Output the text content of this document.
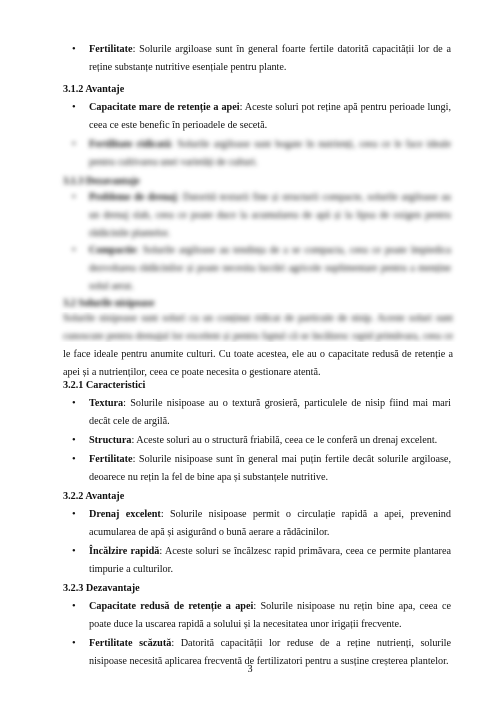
• Fertilitate: Solurile argiloase sunt în general foarte fertile datorită capacității lor de a reține substanțe nutritive esențiale pentru plante.
3.1.2 Avantaje
• Capacitate mare de retenție a apei: Aceste soluri pot reține apă pentru perioade lungi, ceea ce este benefic în perioadele de secetă.
• Fertilitate ridicată: Solurile argiloase sunt bogate în nutrienți, ceea ce le face ideale pentru cultivarea unei varietăți de culturi.
3.1.3 Dezavantaje
• Probleme de drenaj: Datorită texturii fine și structurii compacte, solurile argiloase au un drenaj slab, ceea ce poate duce la acumularea de apă și la lipsa de oxigen pentru rădăcinile plantelor.
• Compactie: Solurile argiloase au tendința de a se compacta, ceea ce poate împiedica dezvoltarea rădăcinilor și poate necesita lucrări agricole suplimentare pentru a menține solul aerat.
3.2 Solurile nisipoase
Solurile nisipoase sunt soluri cu un conținut ridicat de particule de nisip. Aceste soluri sunt cunoscute pentru drenajul lor excelent și pentru faptul că se încălzesc rapid primăvara, ceea ce
le face ideale pentru anumite culturi. Cu toate acestea, ele au o capacitate redusă de retenție a apei și a nutrienților, ceea ce poate necesita o gestionare atentă.
3.2.1 Caracteristici
• Textura: Solurile nisipoase au o textură grosieră, particulele de nisip fiind mai mari decât cele de argilă.
• Structura: Aceste soluri au o structură friabilă, ceea ce le conferă un drenaj excelent.
• Fertilitate: Solurile nisipoase sunt în general mai puțin fertile decât solurile argiloase, deoarece nu rețin la fel de bine apa și substanțele nutritive.
3.2.2 Avantaje
• Drenaj excelent: Solurile nisipoase permit o circulație rapidă a apei, prevenind acumularea de apă și asigurând o bună aerare a rădăcinilor.
• Încălzire rapidă: Aceste soluri se încălzesc rapid primăvara, ceea ce permite plantarea timpurie a culturilor.
3.2.3 Dezavantaje
• Capacitate redusă de retenție a apei: Solurile nisipoase nu rețin bine apa, ceea ce poate duce la uscarea rapidă a solului și la necesitatea unor irigații frecvente.
• Fertilitate scăzută: Datorită capacității lor reduse de a reține nutrienți, solurile nisipoase necesită aplicarea frecventă de fertilizatori pentru a susține creșterea plantelor.
3
